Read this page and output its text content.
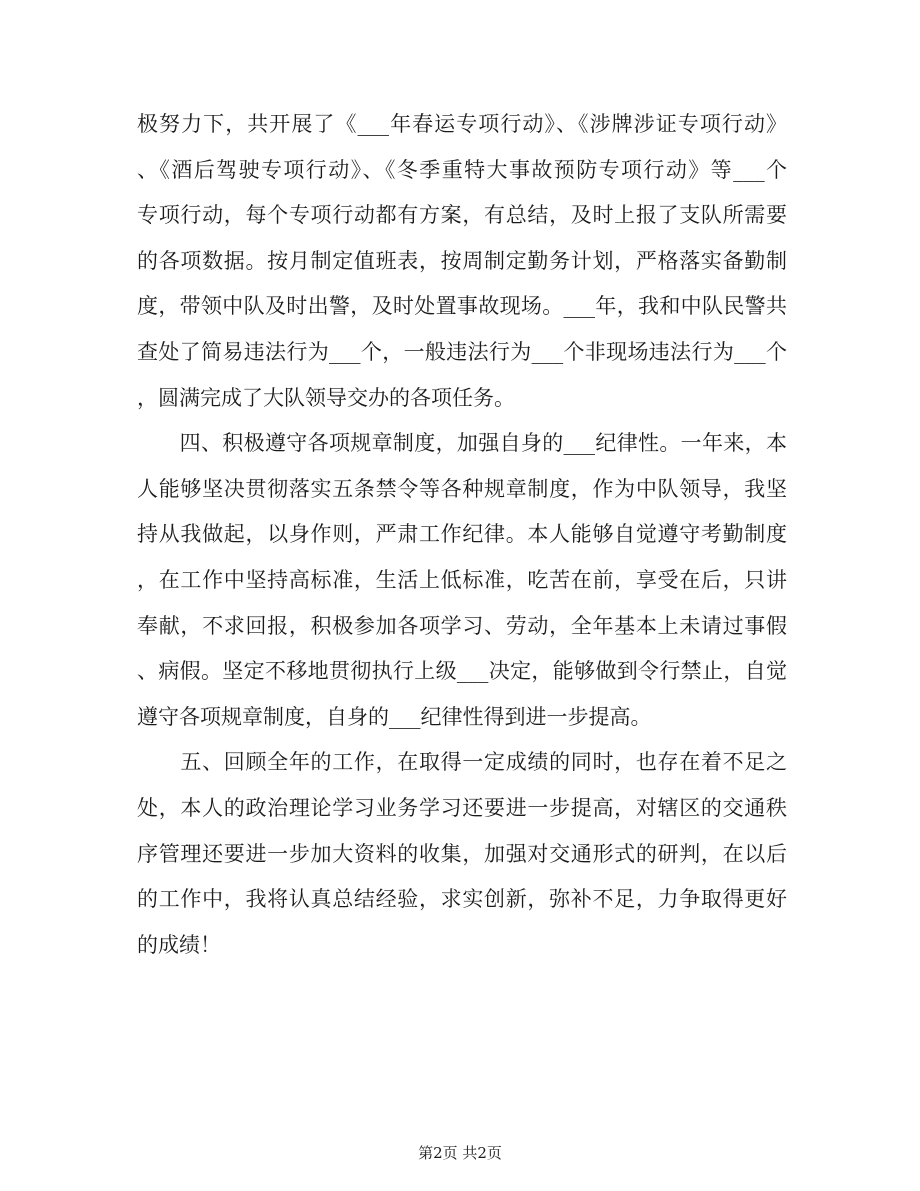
极努力下，共开展了《___年春运专项行动》、《涉牌涉证专项行动》
、《酒后驾驶专项行动》、《冬季重特大事故预防专项行动》等___个
专项行动，每个专项行动都有方案，有总结，及时上报了支队所需要
的各项数据。按月制定值班表，按周制定勤务计划，严格落实备勤制
度，带领中队及时出警，及时处置事故现场。___年，我和中队民警共
查处了简易违法行为___个，一般违法行为___个非现场违法行为___个
，圆满完成了大队领导交办的各项任务。
　　四、积极遵守各项规章制度，加强自身的___纪律性。一年来，本
人能够坚决贯彻落实五条禁令等各种规章制度，作为中队领导，我坚
持从我做起，以身作则，严肃工作纪律。本人能够自觉遵守考勤制度
，在工作中坚持高标准，生活上低标准，吃苦在前，享受在后，只讲
奉献，不求回报，积极参加各项学习、劳动，全年基本上未请过事假
、病假。坚定不移地贯彻执行上级___决定，能够做到令行禁止，自觉
遵守各项规章制度，自身的___纪律性得到进一步提高。
　　五、回顾全年的工作，在取得一定成绩的同时，也存在着不足之
处，本人的政治理论学习业务学习还要进一步提高，对辖区的交通秩
序管理还要进一步加大资料的收集，加强对交通形式的研判，在以后
的工作中，我将认真总结经验，求实创新，弥补不足，力争取得更好
的成绩！
第2页 共2页
